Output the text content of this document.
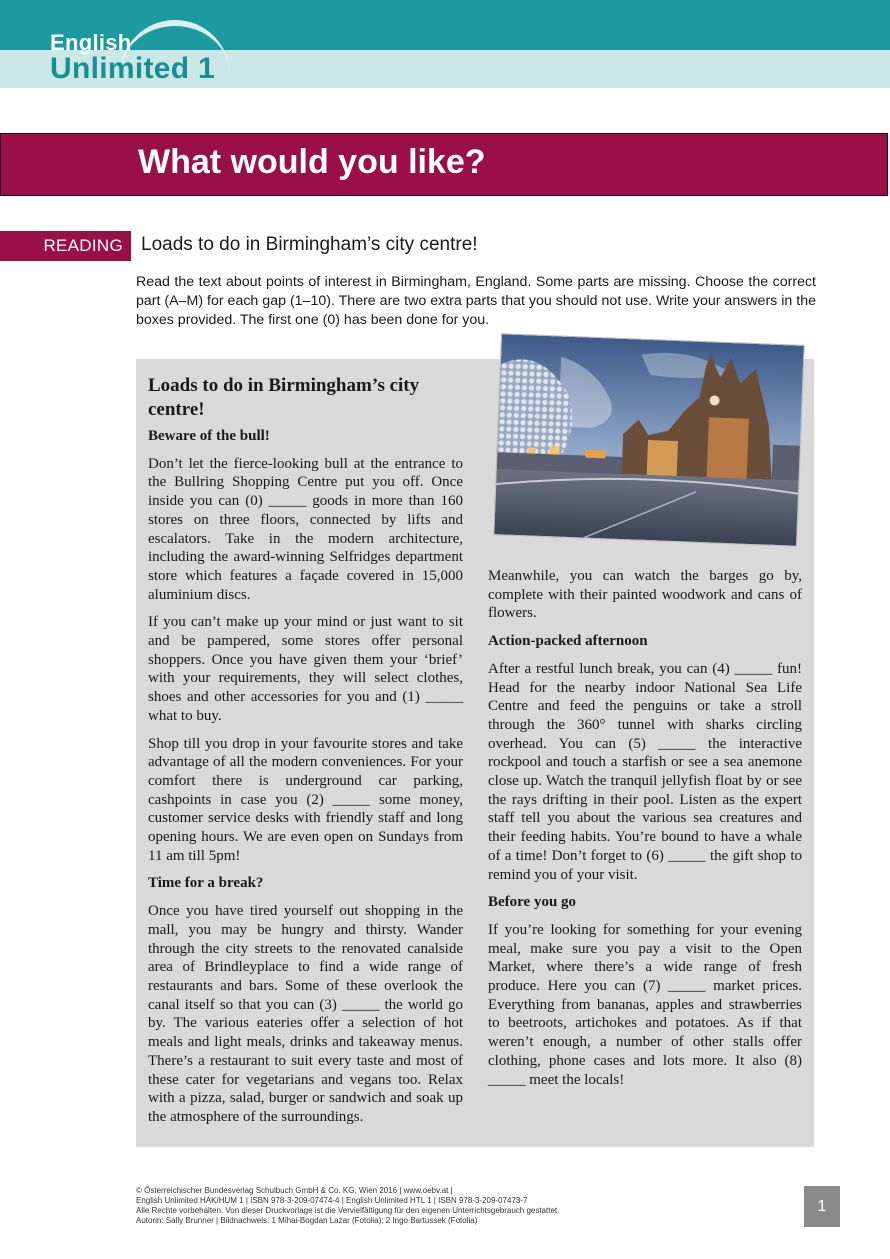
English
Unlimited 1
What would you like?
READING Loads to do in Birmingham’s city centre!

Read the text about points of interest in Birmingham, England. Some parts are missing. Choose the correct part (A–M) for each gap (1–10). There are two extra parts that you should not use. Write your answers in the boxes provided. The first one (0) has been done for you.

Loads to do in Birmingham’s city centre!
Beware of the bull!

Don’t let the fierce-looking bull at the entrance to the Bullring Shopping Centre put you off. Once inside you can (0) _____ goods in more than 160 stores on three floors, connected by lifts and escalators. Take in the modern architecture, including the award-winning Selfridges department store which features a façade covered in 15,000 aluminium discs.

If you can’t make up your mind or just want to sit and be pampered, some stores offer personal shoppers. Once you have given them your ‘brief’ with your requirements, they will select clothes, shoes and other accessories for you and (1) _____ what to buy.

Shop till you drop in your favourite stores and take advantage of all the modern conveniences. For your comfort there is underground car parking, cashpoints in case you (2) _____ some money, customer service desks with friendly staff and long opening hours. We are even open on Sundays from 11 am till 5pm!

Time for a break?

Once you have tired yourself out shopping in the mall, you may be hungry and thirsty. Wander through the city streets to the renovated canalside area of Brindleyplace to find a wide range of restaurants and bars. Some of these overlook the canal itself so that you can (3) _____ the world go by. The various eateries offer a selection of hot meals and light meals, drinks and takeaway menus. There’s a restaurant to suit every taste and most of these cater for vegetarians and vegans too. Relax with a pizza, salad, burger or sandwich and soak up the atmosphere of the surroundings.

Meanwhile, you can watch the barges go by, complete with their painted woodwork and cans of flowers.

Action-packed afternoon

After a restful lunch break, you can (4) _____ fun! Head for the nearby indoor National Sea Life Centre and feed the penguins or take a stroll through the 360° tunnel with sharks circling overhead. You can (5) _____ the interactive rockpool and touch a starfish or see a sea anemone close up. Watch the tranquil jellyfish float by or see the rays drifting in their pool. Listen as the expert staff tell you about the various sea creatures and their feeding habits. You’re bound to have a whale of a time! Don’t forget to (6) _____ the gift shop to remind you of your visit.

Before you go

If you’re looking for something for your evening meal, make sure you pay a visit to the Open Market, where there’s a wide range of fresh produce. Here you can (7) _____ market prices. Everything from bananas, apples and strawberries to beetroots, artichokes and potatoes. As if that weren’t enough, a number of other stalls offer clothing, phone cases and lots more. It also (8) _____ meet the locals!

© Österreichischer Bundesverlag Schulbuch GmbH & Co. KG, Wien 2016 | www.oebv.at |
English Unlimited HAK/HUM 1 | ISBN 978-3-209-07474-4 | English Unlimited HTL 1 | ISBN 978-3-209-07473-7
Alle Rechte vorbehalten. Von dieser Druckvorlage ist die Vervielfältigung für den eigenen Unterrichtsgebrauch gestattet.
Autorin: Sally Brunner | Bildnachweis: 1 Mihai-Bogdan Lazar (Fotolia); 2 Ingo Bartussek (Fotolia)
1
